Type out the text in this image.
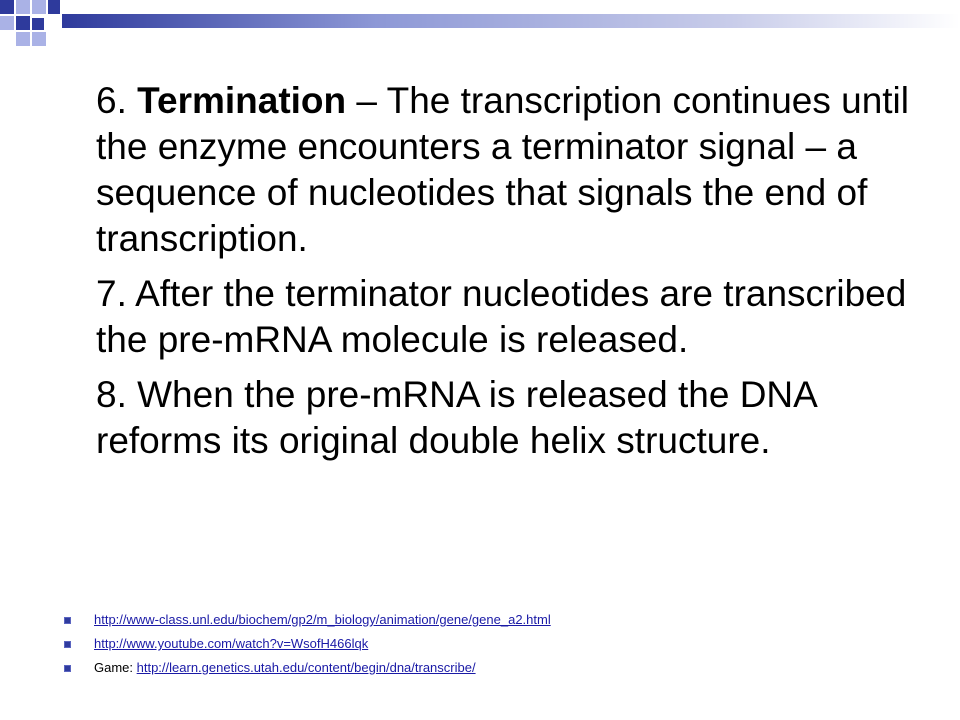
6. Termination – The transcription continues until the enzyme encounters a terminator signal – a sequence of nucleotides that signals the end of transcription.

7. After the terminator nucleotides are transcribed the pre-mRNA molecule is released.

8. When the pre-mRNA is released the DNA reforms its original double helix structure.

http://www-class.unl.edu/biochem/gp2/m_biology/animation/gene/gene_a2.html
http://www.youtube.com/watch?v=WsofH466lqk
Game: http://learn.genetics.utah.edu/content/begin/dna/transcribe/
